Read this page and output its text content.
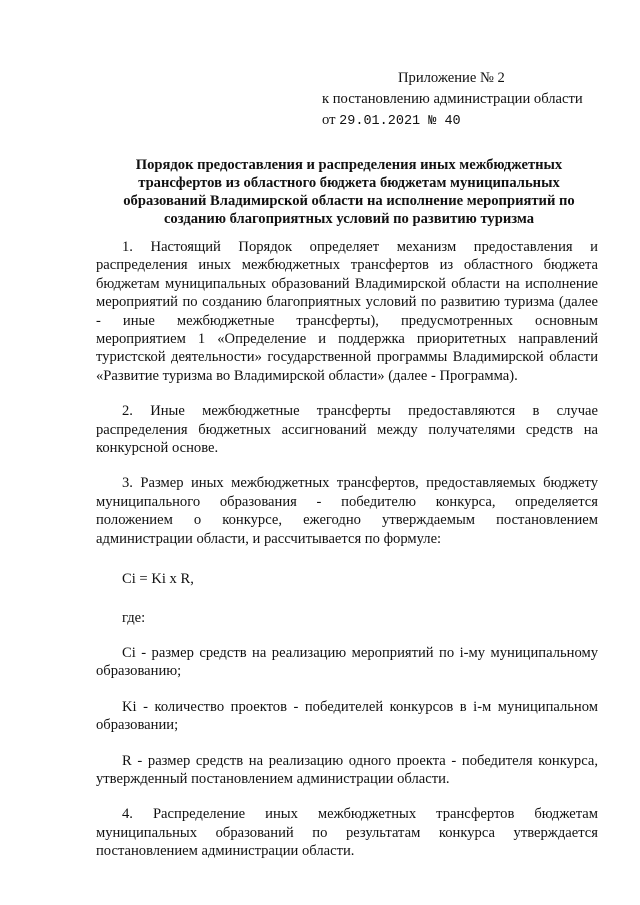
Приложение № 2
к постановлению администрации области
от 29.01.2021 № 40
Порядок предоставления и распределения иных межбюджетных трансфертов из областного бюджета бюджетам муниципальных образований Владимирской области на исполнение мероприятий по созданию благоприятных условий по развитию туризма

1. Настоящий Порядок определяет механизм предоставления и распределения иных межбюджетных трансфертов из областного бюджета бюджетам муниципальных образований Владимирской области на исполнение мероприятий по созданию благоприятных условий по развитию туризма (далее - иные межбюджетные трансферты), предусмотренных основным мероприятием 1 «Определение и поддержка приоритетных направлений туристской деятельности» государственной программы Владимирской области «Развитие туризма во Владимирской области» (далее - Программа).

2. Иные межбюджетные трансферты предоставляются в случае распределения бюджетных ассигнований между получателями средств на конкурсной основе.

3. Размер иных межбюджетных трансфертов, предоставляемых бюджету муниципального образования - победителю конкурса, определяется положением о конкурсе, ежегодно утверждаемым постановлением администрации области, и рассчитывается по формуле:

Ci = Ki x R,

где:

Ci - размер средств на реализацию мероприятий по i-му муниципальному образованию;

Ki - количество проектов - победителей конкурсов в i-м муниципальном образовании;

R - размер средств на реализацию одного проекта - победителя конкурса, утвержденный постановлением администрации области.

4. Распределение иных межбюджетных трансфертов бюджетам муниципальных образований по результатам конкурса утверждается постановлением администрации области.
